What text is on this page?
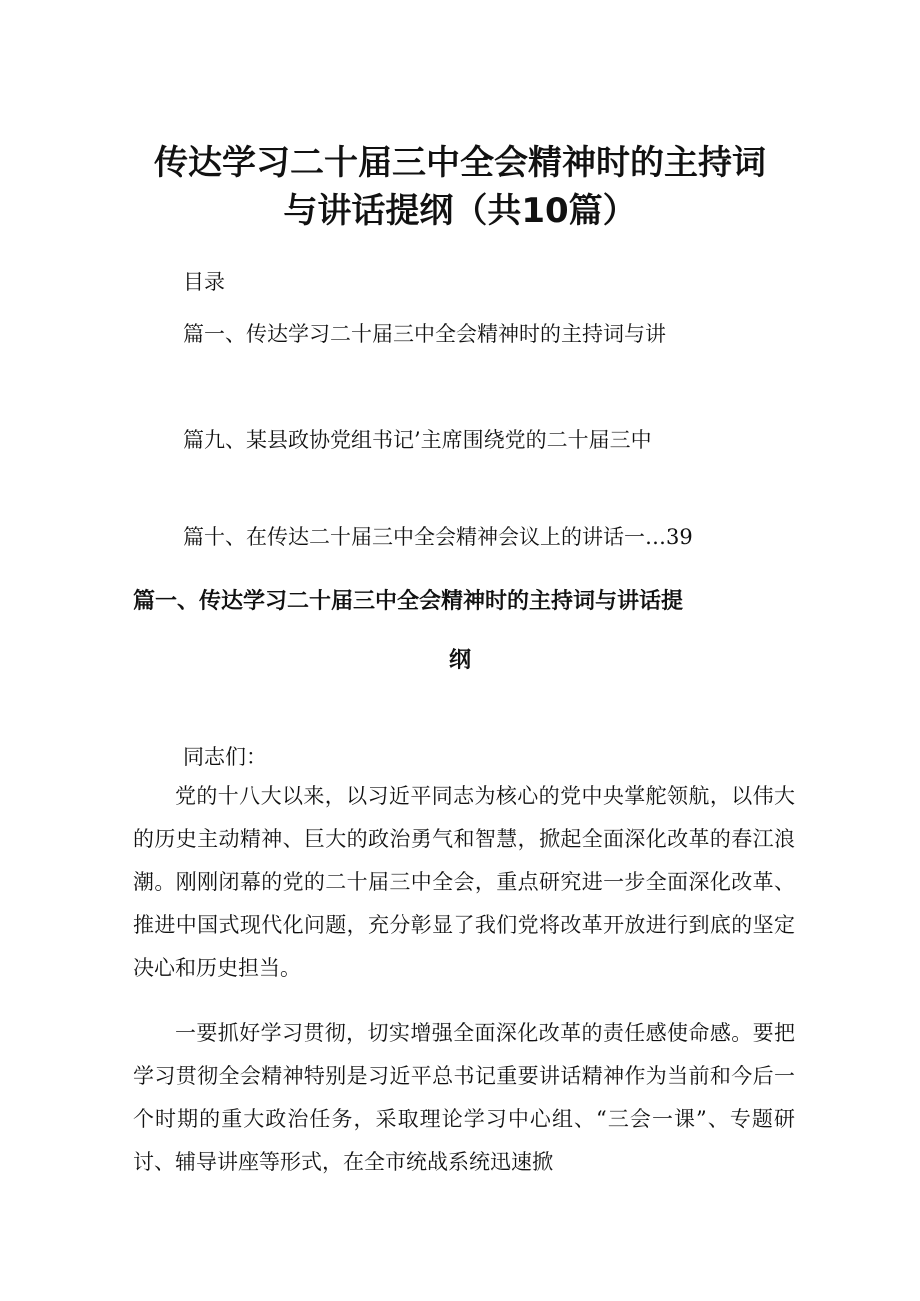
传达学习二十届三中全会精神时的主持词
与讲话提纲（共10篇）
目录
篇一、传达学习二十届三中全会精神时的主持词与讲
篇九、某县政协党组书记’主席围绕党的二十届三中
篇十、在传达二十届三中全会精神会议上的讲话一…39
篇一、传达学习二十届三中全会精神时的主持词与讲话提
纲
同志们：
党的十八大以来，以习近平同志为核心的党中央掌舵领航，以伟大的历史主动精神、巨大的政治勇气和智慧，掀起全面深化改革的春江浪潮。刚刚闭幕的党的二十届三中全会，重点研究进一步全面深化改革、推进中国式现代化问题，充分彰显了我们党将改革开放进行到底的坚定决心和历史担当。
一要抓好学习贯彻，切实增强全面深化改革的责任感使命感。要把学习贯彻全会精神特别是习近平总书记重要讲话精神作为当前和今后一个时期的重大政治任务，采取理论学习中心组、“三会一课”、专题研讨、辅导讲座等形式，在全市统战系统迅速掀
